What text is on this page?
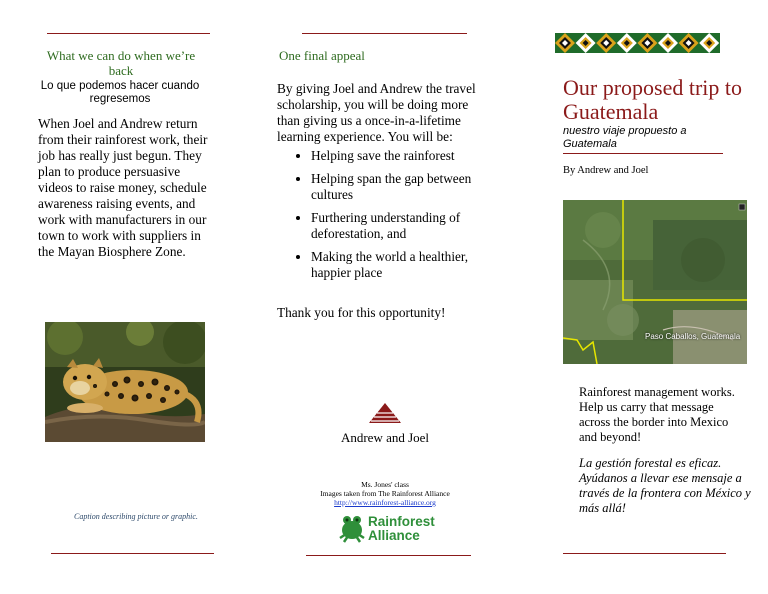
What we can do when we’re back
Lo que podemos hacer cuando regresemos
When Joel and Andrew return from their rainforest work, their job has really just begun. They plan to produce persuasive videos to raise money, schedule awareness raising events, and work with manufacturers in our town to work with suppliers in the Mayan Biosphere Zone.
Caption describing picture or graphic.
One final appeal
By giving Joel and Andrew the travel scholarship, you will be doing more than giving us a once-in-a-lifetime learning experience. You will be:
• Helping save the rainforest
• Helping span the gap between cultures
• Furthering understanding of deforestation, and
• Making the world a healthier, happier place
Thank you for this opportunity!
Andrew and Joel
Ms. Jones' class
Images taken from The Rainforest Alliance
http://www.rainforest-alliance.org
Rainforest
Alliance
Our proposed trip to Guatemala
nuestro viaje propuesto a Guatemala
By Andrew and Joel
Paso Caballos, Guatemala
Rainforest management works. Help us carry that message across the border into Mexico and beyond!
La gestión forestal es eficaz. Ayúdanos a llevar ese mensaje a través de la frontera con México y más allá!
